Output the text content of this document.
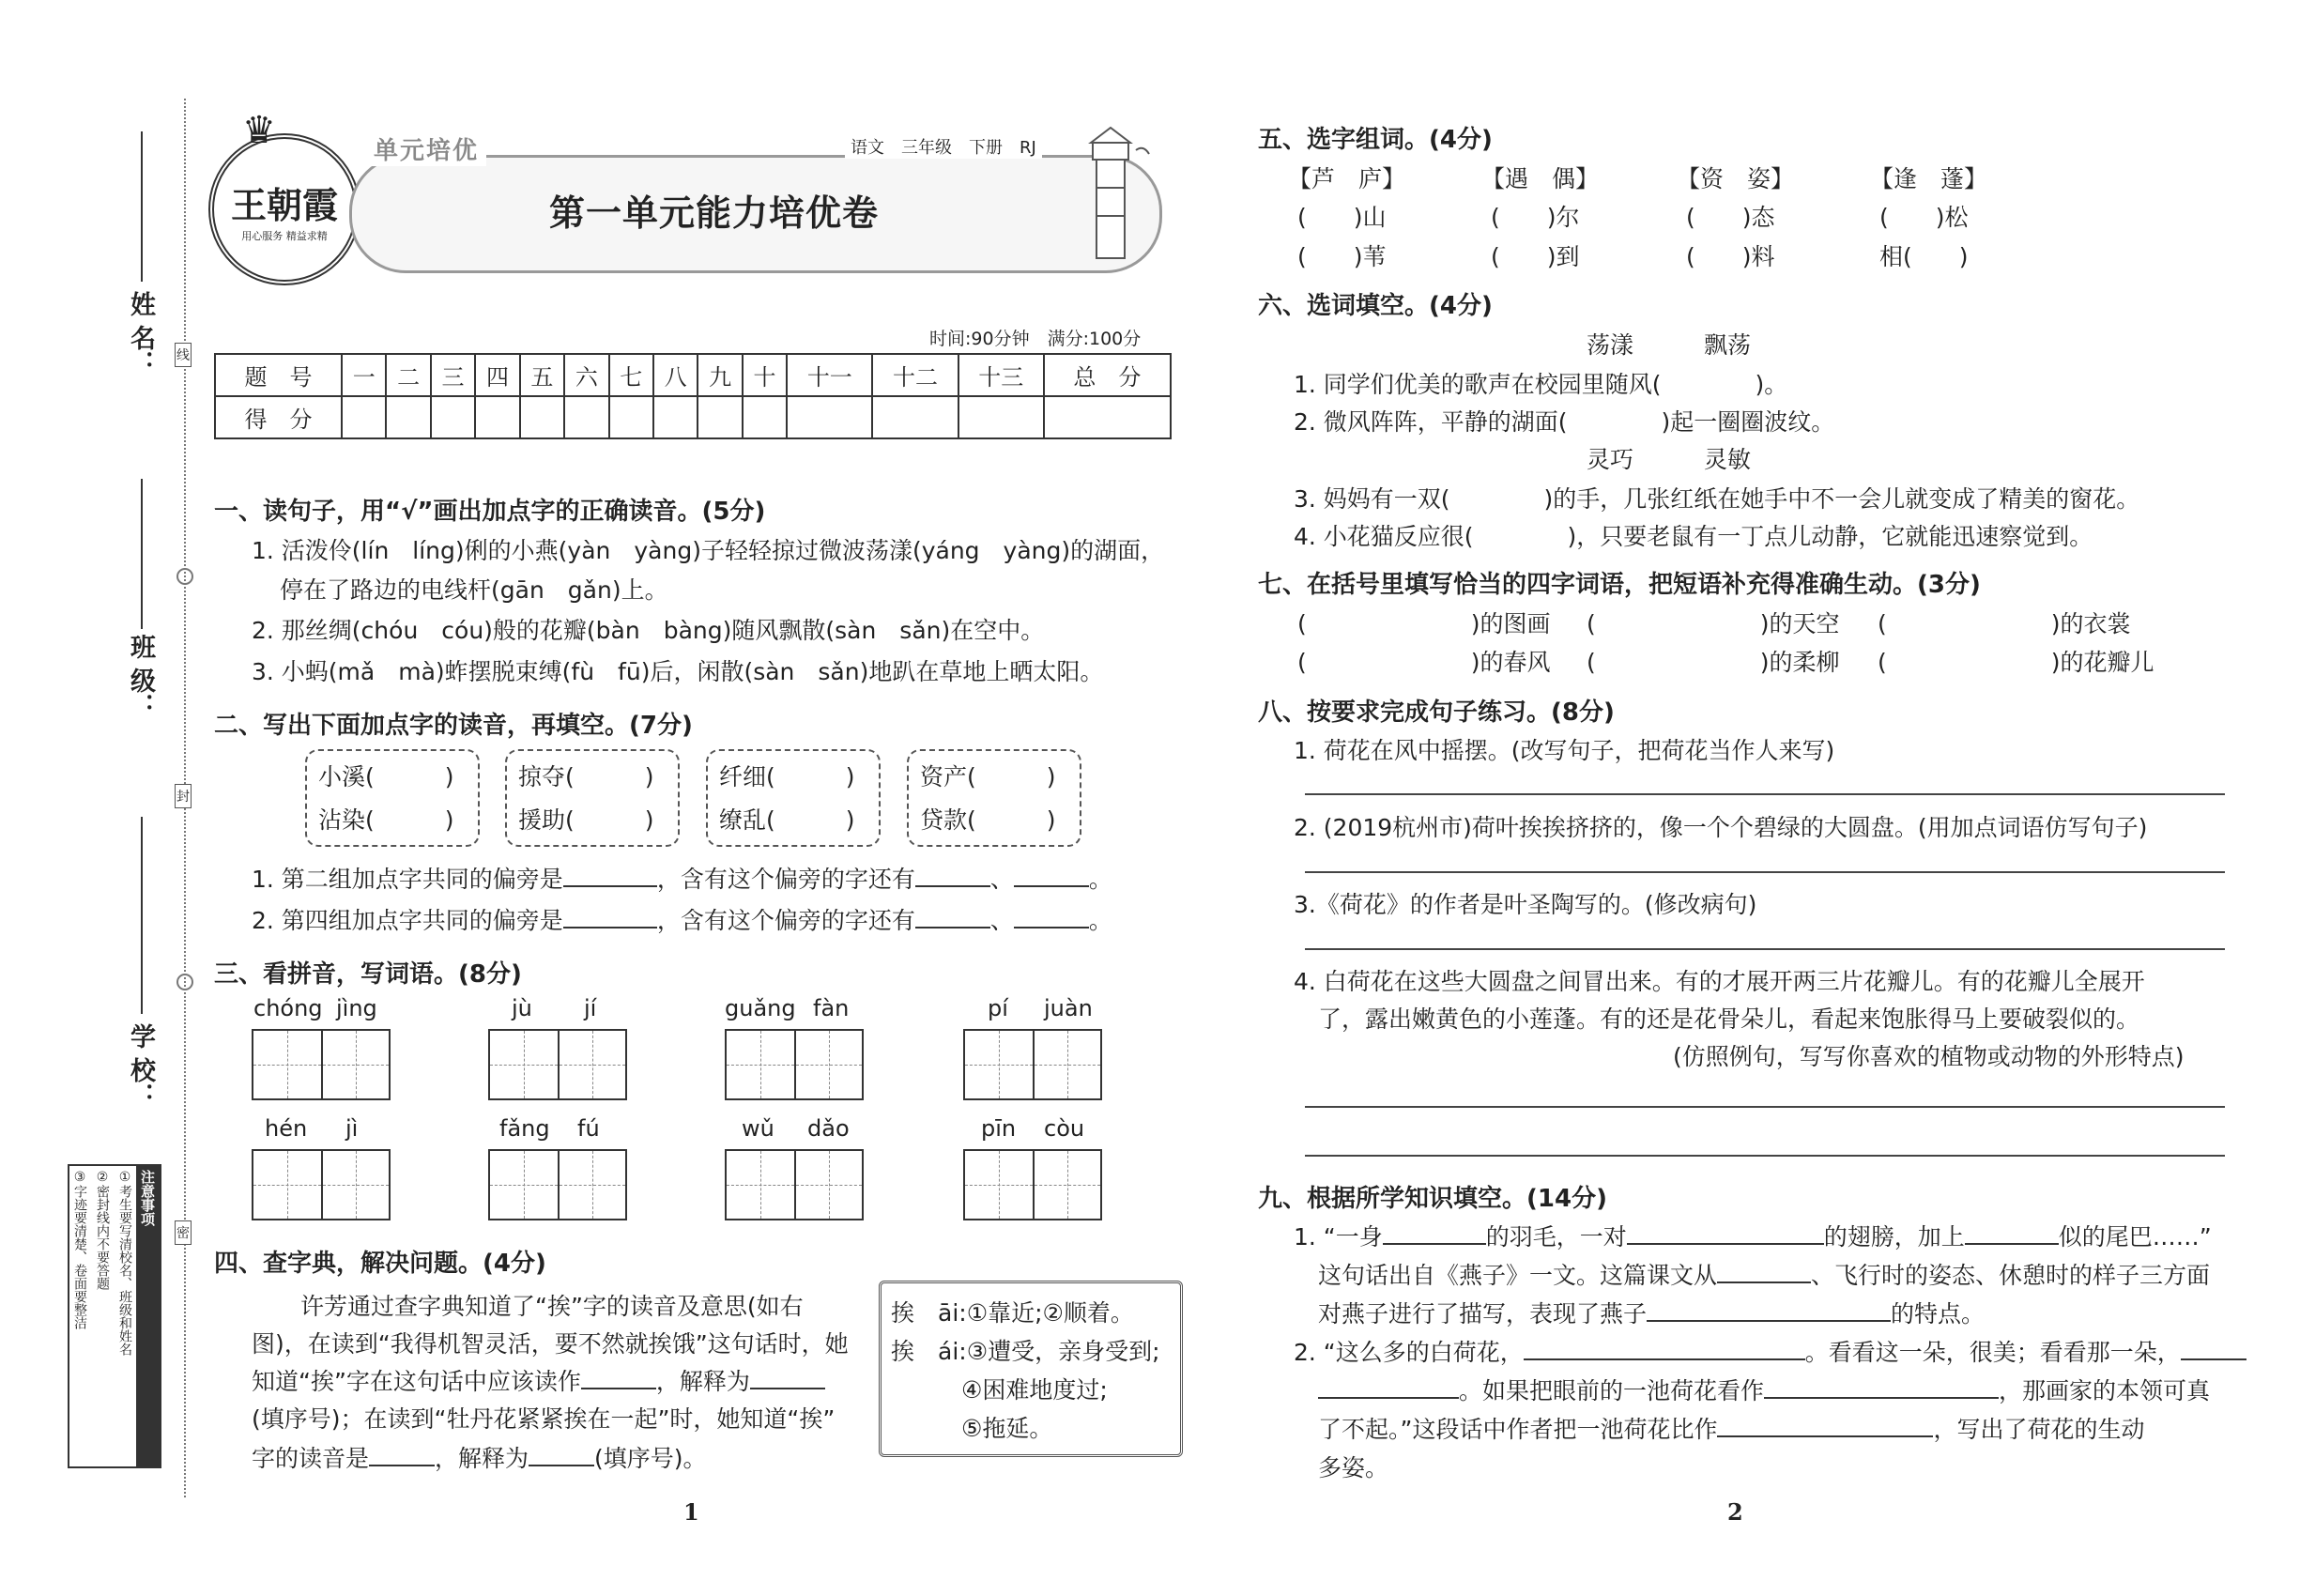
姓 名：
班 级：
学 校：
线
封
密
注意事项
①考生要写清校名、班级和姓名
②密封线内不要答题
③字迹要清楚、卷面要整洁
♛
王朝霞
用心服务 精益求精
单元培优	语文　三年级　下册　RJ
第一单元能力培优卷
时间:90分钟　满分:100分
题　号	一	二	三	四	五	六	七	八	九	十	十一	十二	十三	总　分
得　分														
一、读句子，用“√”画出加点字的正确读音。(5分)
1. 活泼伶(lín　líng)俐的小燕(yàn　yàng)子轻轻掠过微波荡漾(yáng　yàng)的湖面，
停在了路边的电线杆(gān　gǎn)上。
2. 那丝绸(chóu　cóu)般的花瓣(bàn　bàng)随风飘散(sàn　sǎn)在空中。
3. 小蚂(mǎ　mà)蚱摆脱束缚(fù　fū)后，闲散(sàn　sǎn)地趴在草地上晒太阳。
二、写出下面加点字的读音，再填空。(7分)
小溪(　　　)
沾染(　　　)
掠夺(　　　)
援助(　　　)
纤细(　　　)
缭乱(　　　)
资产(　　　)
贷款(　　　)
1. 第二组加点字共同的偏旁是	，含有这个偏旁的字还有	、	。
2. 第四组加点字共同的偏旁是	，含有这个偏旁的字还有	、	。
三、看拼音，写词语。(8分)
chóng jìng	jù jí	guǎng fàn	pí juàn
hén jì	fǎng fú	wǔ dǎo	pīn còu
四、查字典，解决问题。(4分)
许芳通过查字典知道了“挨”字的读音及意思(如右
图)，在读到“我得机智灵活，要不然就挨饿”这句话时，她
知道“挨”字在这句话中应该读作	，解释为
(填序号)；在读到“牡丹花紧紧挨在一起”时，她知道“挨”
字的读音是	，解释为	(填序号)。
挨　āi:①靠近;②顺着。
挨　ái:③遭受，亲身受到;
④困难地度过;
⑤拖延。
1
五、选字组词。(4分)
【芦　庐】	【遇　偶】	【资　姿】	【逢　蓬】
(　　)山	(　　)尔	(　　)态	(　　)松
(　　)苇	(　　)到	(　　)料	相(　　)
六、选词填空。(4分)
荡漾　　　飘荡
1. 同学们优美的歌声在校园里随风(　　　　)。
2. 微风阵阵，平静的湖面(　　　　)起一圈圈波纹。
灵巧　　　灵敏
3. 妈妈有一双(　　　　)的手，几张红纸在她手中不一会儿就变成了精美的窗花。
4. 小花猫反应很(　　　　)，只要老鼠有一丁点儿动静，它就能迅速察觉到。
七、在括号里填写恰当的四字词语，把短语补充得准确生动。(3分)
(　　　　　　　)的图画 (　　　　　　　)的天空 (　　　　　　　)的衣裳
(　　　　　　　)的春风 (　　　　　　　)的柔柳 (　　　　　　　)的花瓣儿
八、按要求完成句子练习。(8分)
1. 荷花在风中摇摆。(改写句子，把荷花当作人来写)
2. (2019杭州市)荷叶挨挨挤挤的，像一个个碧绿的大圆盘。(用加点词语仿写句子)
3.《荷花》的作者是叶圣陶写的。(修改病句)
4. 白荷花在这些大圆盘之间冒出来。有的才展开两三片花瓣儿。有的花瓣儿全展开
了，露出嫩黄色的小莲蓬。有的还是花骨朵儿，看起来饱胀得马上要破裂似的。
(仿照例句，写写你喜欢的植物或动物的外形特点)
九、根据所学知识填空。(14分)
1. “一身	的羽毛，一对	的翅膀，加上	似的尾巴……”
这句话出自《燕子》一文。这篇课文从	、飞行时的姿态、休憩时的样子三方面
对燕子进行了描写，表现了燕子	的特点。
2. “这么多的白荷花，	。看看这一朵，很美；看看那一朵，
。如果把眼前的一池荷花看作	，那画家的本领可真
了不起。”这段话中作者把一池荷花比作	，写出了荷花的生动
多姿。
2
